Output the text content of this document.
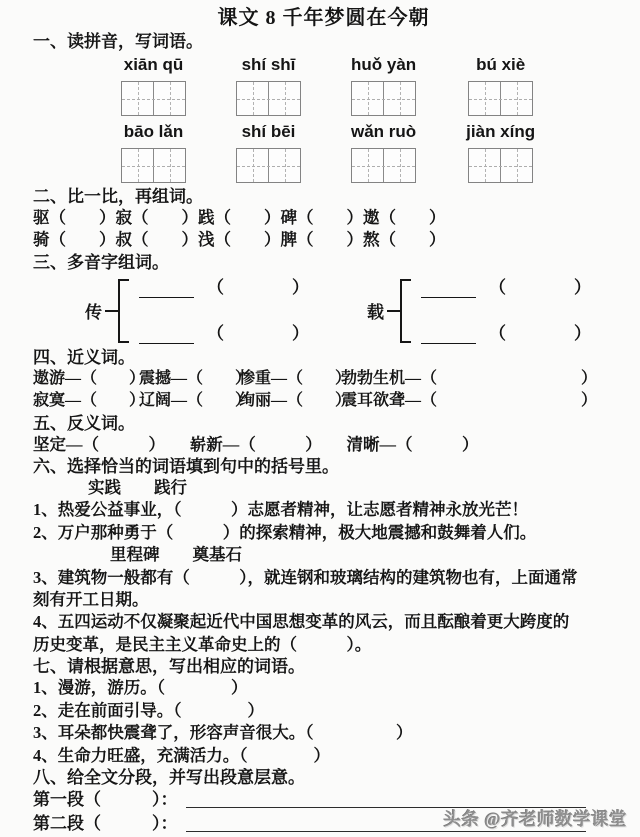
课文 8 千年梦圆在今朝
一、读拼音，写词语。
xiān qū
bāo lǎn
shí shī
shí bēi
huǒ yàn
wǎn ruò
bú xiè
jiàn xíng
二、比一比，再组词。
驱（　　）寂（　　）践（　　）碑（　　）遨（　　）
骑（　　）叔（　　）浅（　　）脾（　　）熬（　　）
三、多音字组词。
传
（　　　　）
（　　　　）
载
（　　　　）
（　　　　）
四、近义词。
遨游—（　　）
震撼—（　　）
惨重—（　　）
勃勃生机—（　　　　　　　　　）
寂寞—（　　）
辽阔—（　　）
绚丽—（　　）
震耳欲聋—（　　　　　　　　　）
五、反义词。
坚定—（　　　）　　崭新—（　　　）　　清晰—（　　　）
六、选择恰当的词语填到句中的括号里。
实践　　践行
1、热爱公益事业，（　　　）志愿者精神，让志愿者精神永放光芒！
2、万户那种勇于（　　　）的探索精神，极大地震撼和鼓舞着人们。
里程碑　　奠基石
3、建筑物一般都有（　　　），就连钢和玻璃结构的建筑物也有，上面通常
刻有开工日期。
4、五四运动不仅凝聚起近代中国思想变革的风云，而且酝酿着更大跨度的
历史变革，是民主主义革命史上的（　　　）。
七、请根据意思，写出相应的词语。
1、漫游，游历。（　　　　）
2、走在前面引导。（　　　　）
3、耳朵都快震聋了，形容声音很大。（　　　　　）
4、生命力旺盛，充满活力。（　　　　）
八、给全文分段，并写出段意层意。
第一段（　　　）：
第二段（　　　）：	头条 @齐老师数学课堂
